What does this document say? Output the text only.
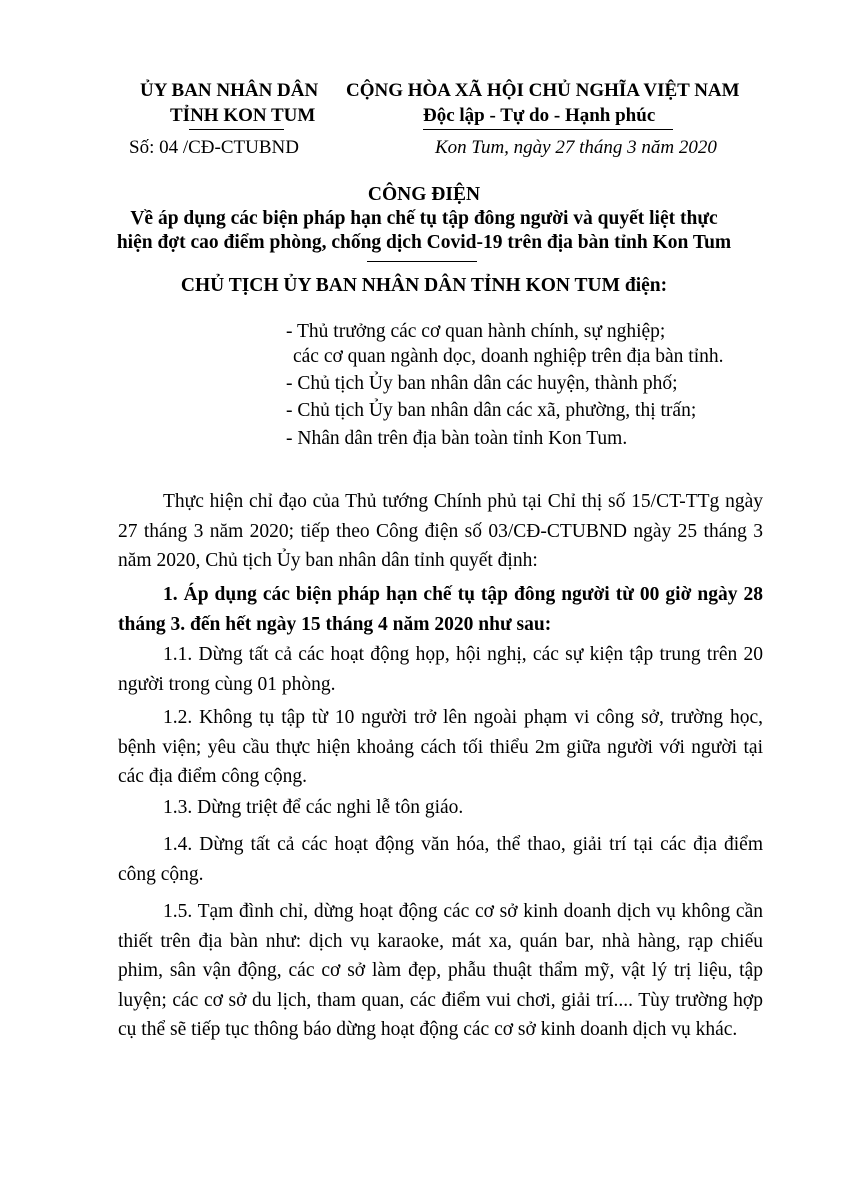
ỦY BAN NHÂN DÂN
TỈNH KON TUM
Số: 04 /CĐ-CTUBND
CỘNG HÒA XÃ HỘI CHỦ NGHĨA VIỆT NAM
Độc lập - Tự do - Hạnh phúc
Kon Tum, ngày 27 tháng 3 năm 2020
CÔNG ĐIỆN
Về áp dụng các biện pháp hạn chế tụ tập đông người và quyết liệt thực
hiện đợt cao điểm phòng, chống dịch Covid-19 trên địa bàn tỉnh Kon Tum
CHỦ TỊCH ỦY BAN NHÂN DÂN TỈNH KON TUM điện:
- Thủ trưởng các cơ quan hành chính, sự nghiệp;
các cơ quan ngành dọc, doanh nghiệp trên địa bàn tỉnh.
- Chủ tịch Ủy ban nhân dân các huyện, thành phố;
- Chủ tịch Ủy ban nhân dân các xã, phường, thị trấn;
- Nhân dân trên địa bàn toàn tỉnh Kon Tum.
Thực hiện chỉ đạo của Thủ tướng Chính phủ tại Chỉ thị số 15/CT-TTg ngày 27 tháng 3 năm 2020; tiếp theo Công điện số 03/CĐ-CTUBND ngày 25 tháng 3 năm 2020, Chủ tịch Ủy ban nhân dân tỉnh quyết định:
1. Áp dụng các biện pháp hạn chế tụ tập đông người từ 00 giờ ngày 28 tháng 3. đến hết ngày 15 tháng 4 năm 2020 như sau:
1.1. Dừng tất cả các hoạt động họp, hội nghị, các sự kiện tập trung trên 20 người trong cùng 01 phòng.
1.2. Không tụ tập từ 10 người trở lên ngoài phạm vi công sở, trường học, bệnh viện; yêu cầu thực hiện khoảng cách tối thiểu 2m giữa người với người tại các địa điểm công cộng.
1.3. Dừng triệt để các nghi lễ tôn giáo.
1.4. Dừng tất cả các hoạt động văn hóa, thể thao, giải trí tại các địa điểm công cộng.
1.5. Tạm đình chỉ, dừng hoạt động các cơ sở kinh doanh dịch vụ không cần thiết trên địa bàn như: dịch vụ karaoke, mát xa, quán bar, nhà hàng, rạp chiếu phim, sân vận động, các cơ sở làm đẹp, phẫu thuật thẩm mỹ, vật lý trị liệu, tập luyện; các cơ sở du lịch, tham quan, các điểm vui chơi, giải trí.... Tùy trường hợp cụ thể sẽ tiếp tục thông báo dừng hoạt động các cơ sở kinh doanh dịch vụ khác.
